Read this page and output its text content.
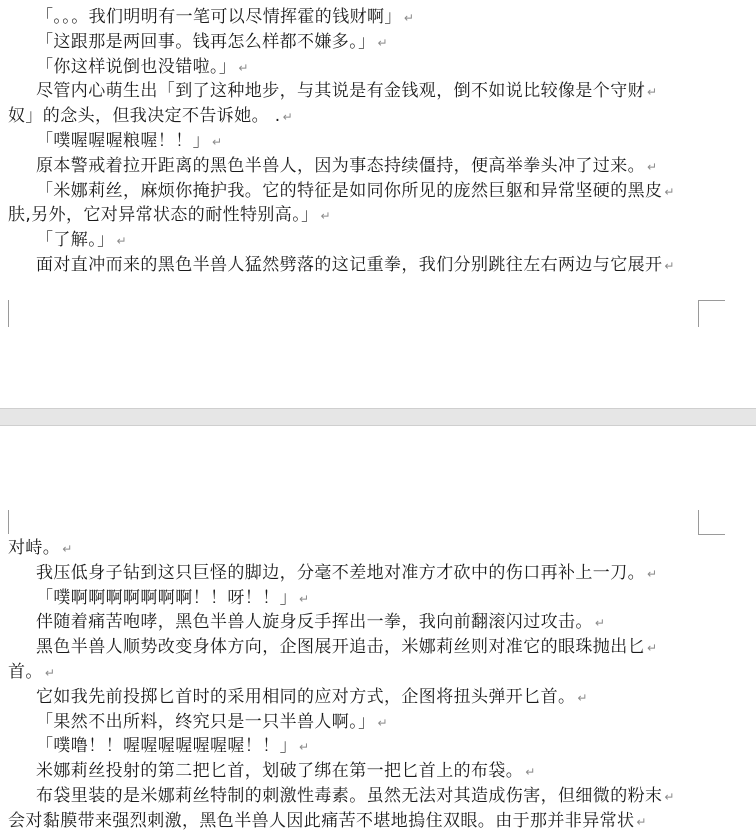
「。。。我们明明有一笔可以尽情挥霍的钱财啊」 ↵
「这跟那是两回事。钱再怎么样都不嫌多。」 ↵
「你这样说倒也没错啦。」 ↵
尽管内心萌生出「到了这种地步，与其说是有金钱观，倒不如说比较像是个守财 ↵
奴」的念头，但我决定不告诉她。 . ↵
「噗喔喔喔粮喔！！」 ↵
原本警戒着拉开距离的黑色半兽人，因为事态持续僵持，便高举拳头冲了过来。 ↵
「米娜莉丝，麻烦你掩护我。它的特征是如同你所见的庞然巨躯和异常坚硬的黑皮 ↵
肤,另外，它对异常状态的耐性特别高。」 ↵
「了解。」 ↵
面对直冲而来的黑色半兽人猛然劈落的这记重拳，我们分别跳往左右两边与它展开 ↵
对峙。 ↵
我压低身子钻到这只巨怪的脚边，分毫不差地对准方才砍中的伤口再补上一刀。 ↵
「噗啊啊啊啊啊啊啊！！呀！！」 ↵
伴随着痛苦咆哮，黑色半兽人旋身反手挥出一拳，我向前翻滚闪过攻击。 ↵
黑色半兽人顺势改变身体方向，企图展开追击，米娜莉丝则对准它的眼珠抛出匕 ↵
首。 ↵
它如我先前投掷匕首时的采用相同的应对方式，企图将扭头弹开匕首。 ↵
「果然不出所料，终究只是一只半兽人啊。」 ↵
「噗噜！！喔喔喔喔喔喔喔！！」 ↵
米娜莉丝投射的第二把匕首，划破了绑在第一把匕首上的布袋。 ↵
布袋里装的是米娜莉丝特制的刺激性毒素。虽然无法对其造成伤害，但细微的粉末 ↵
会对黏膜带来强烈刺激，黑色半兽人因此痛苦不堪地摀住双眼。由于那并非异常状 ↵
